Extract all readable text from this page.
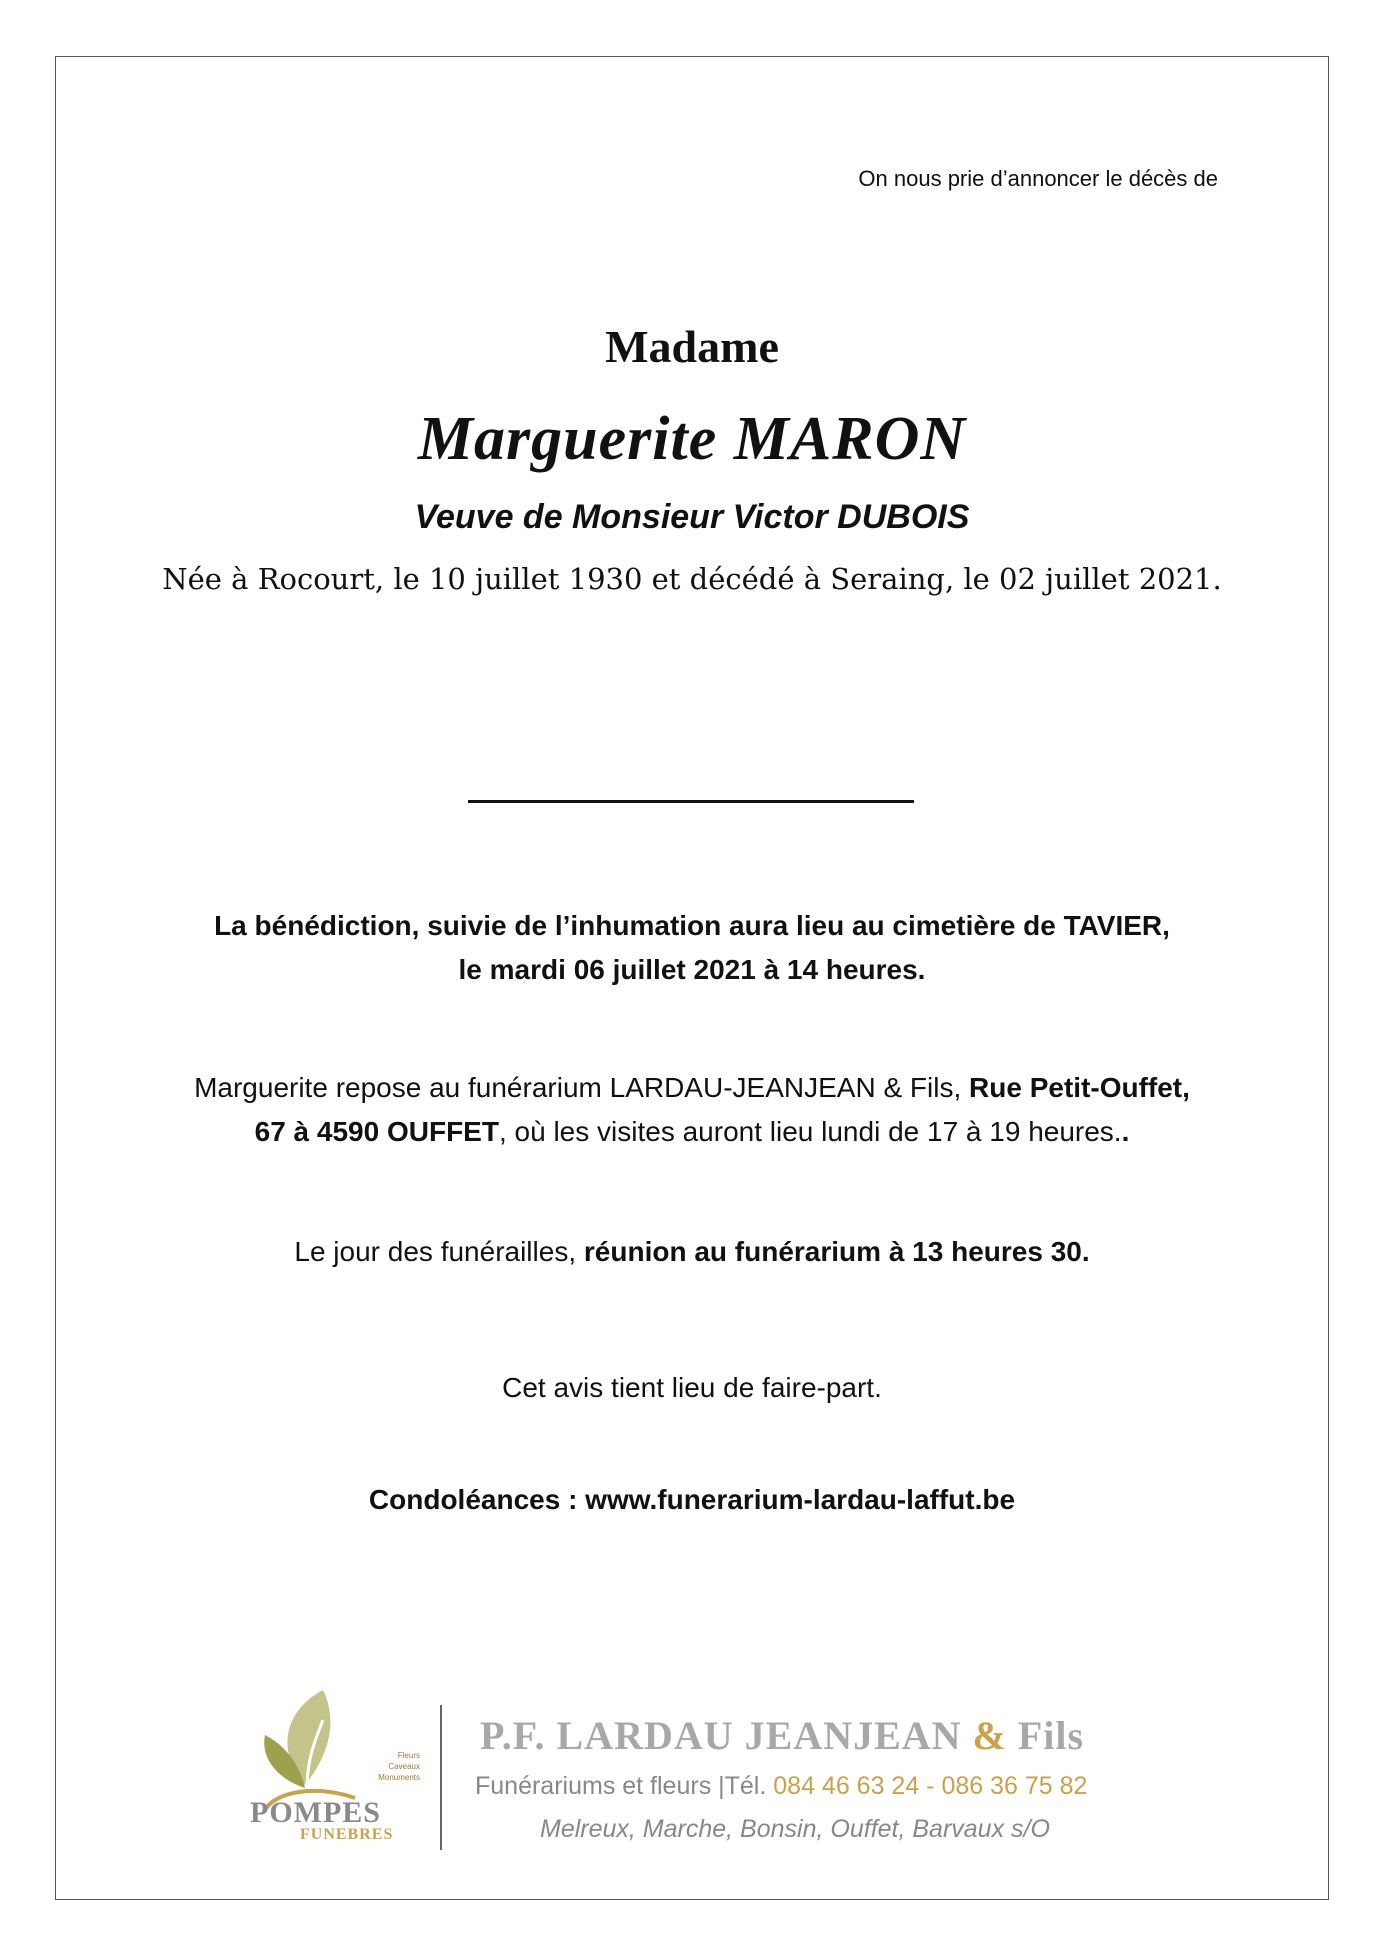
On nous prie d’annoncer le décès de
Madame
Marguerite MARON
Veuve de Monsieur Victor DUBOIS
Née à Rocourt, le 10 juillet 1930 et décédé à Seraing, le 02 juillet 2021.
La bénédiction, suivie de l’inhumation aura lieu au cimetière de TAVIER,
le mardi 06 juillet 2021 à 14 heures.
Marguerite repose au funérarium LARDAU-JEANJEAN & Fils, Rue Petit-Ouffet,
67 à 4590 OUFFET, où les visites auront lieu lundi de 17 à 19 heures..
Le jour des funérailles, réunion au funérarium à 13 heures 30.
Cet avis tient lieu de faire-part.
Condoléances : www.funerarium-lardau-laffut.be
Fleurs
Caveaux
Monuments
POMPES
FUNEBRES
P.F. LARDAU JEANJEAN & Fils
Funérariums et fleurs |Tél. 084 46 63 24 - 086 36 75 82
Melreux, Marche, Bonsin, Ouffet, Barvaux s/O
